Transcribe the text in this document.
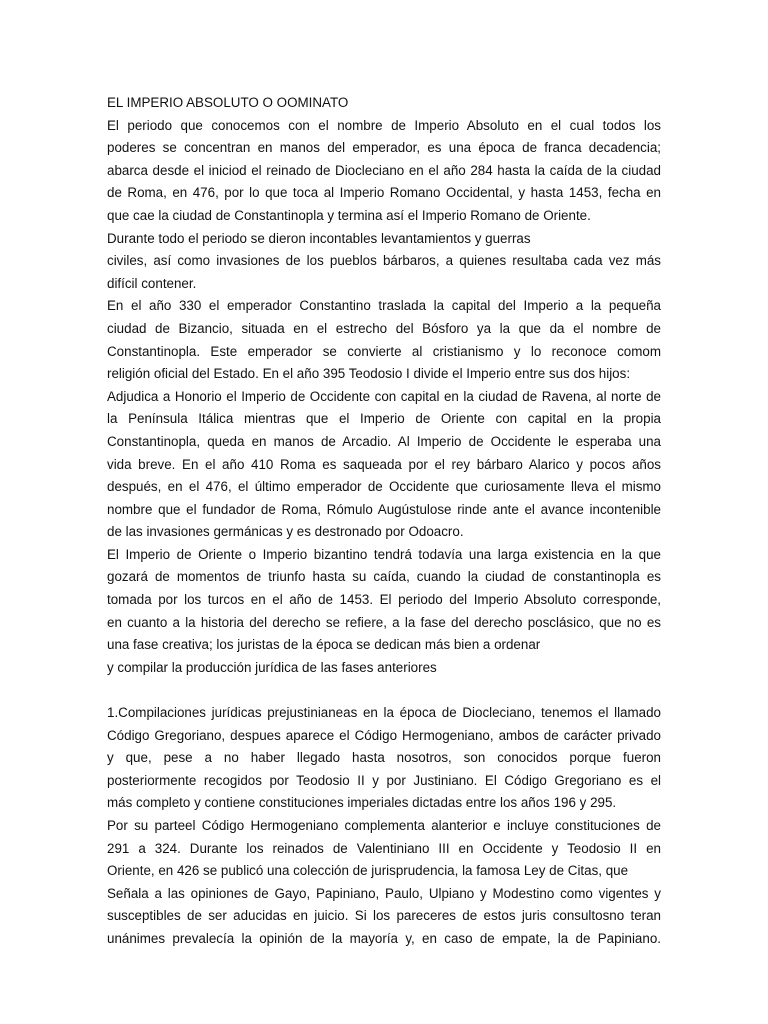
EL IMPERIO ABSOLUTO O OOMINATO
El periodo que conocemos con el nombre de Imperio Absoluto en el cual todos los
poderes se concentran en manos del emperador, es una época de franca decadencia;
abarca desde el iniciod el reinado de Diocleciano en el año 284 hasta la caída de la ciudad
de Roma, en 476, por lo que toca al Imperio Romano Occidental, y hasta 1453, fecha en
que cae la ciudad de Constantinopla y termina así el Imperio Romano de Oriente.
Durante todo el periodo se dieron incontables levantamientos y guerras
civiles, así como invasiones de los pueblos bárbaros, a quienes resultaba cada vez más
difícil contener.
En el año 330 el emperador Constantino traslada la capital del Imperio a la pequeña
ciudad de Bizancio, situada en el estrecho del Bósforo ya la que da el nombre de
Constantinopla. Este emperador se convierte al cristianismo y lo reconoce comom
religión oficial del Estado. En el año 395 Teodosio I divide el Imperio entre sus dos hijos:
Adjudica a Honorio el Imperio de Occidente con capital en la ciudad de Ravena, al norte de
la Península Itálica mientras que el Imperio de Oriente con capital en la propia
Constantinopla, queda en manos de Arcadio. Al Imperio de Occidente le esperaba una
vida breve. En el año 410 Roma es saqueada por el rey bárbaro Alarico y pocos años
después, en el 476, el último emperador de Occidente que curiosamente lleva el mismo
nombre que el fundador de Roma, Rómulo Augústulose rinde ante el avance incontenible
de las invasiones germánicas y es destronado por Odoacro.
El Imperio de Oriente o Imperio bizantino tendrá todavía una larga existencia en la que
gozará de momentos de triunfo hasta su caída, cuando la ciudad de constantinopla es
tomada por los turcos en el año de 1453. El periodo del Imperio Absoluto corresponde,
en cuanto a la historia del derecho se refiere, a la fase del derecho posclásico, que no es
una fase creativa; los juristas de la época se dedican más bien a ordenar
y compilar la producción jurídica de las fases anteriores
1.Compilaciones jurídicas prejustinianeas en la época de Diocleciano, tenemos el llamado
Código Gregoriano, despues aparece el Código Hermogeniano, ambos de carácter privado
y que, pese a no haber llegado hasta nosotros, son conocidos porque fueron
posteriormente recogidos por Teodosio II y por Justiniano. El Código Gregoriano es el
más completo y contiene constituciones imperiales dictadas entre los años 196 y 295.
Por su parteel Código Hermogeniano complementa alanterior e incluye constituciones de
291 a 324. Durante los reinados de Valentiniano III en Occidente y Teodosio II en
Oriente, en 426 se publicó una colección de jurisprudencia, la famosa Ley de Citas, que
Señala a las opiniones de Gayo, Papiniano, Paulo, Ulpiano y Modestino como vigentes y
susceptibles de ser aducidas en juicio. Si los pareceres de estos juris consultosno teran
unánimes prevalecía la opinión de la mayoría y, en caso de empate, la de Papiniano.
